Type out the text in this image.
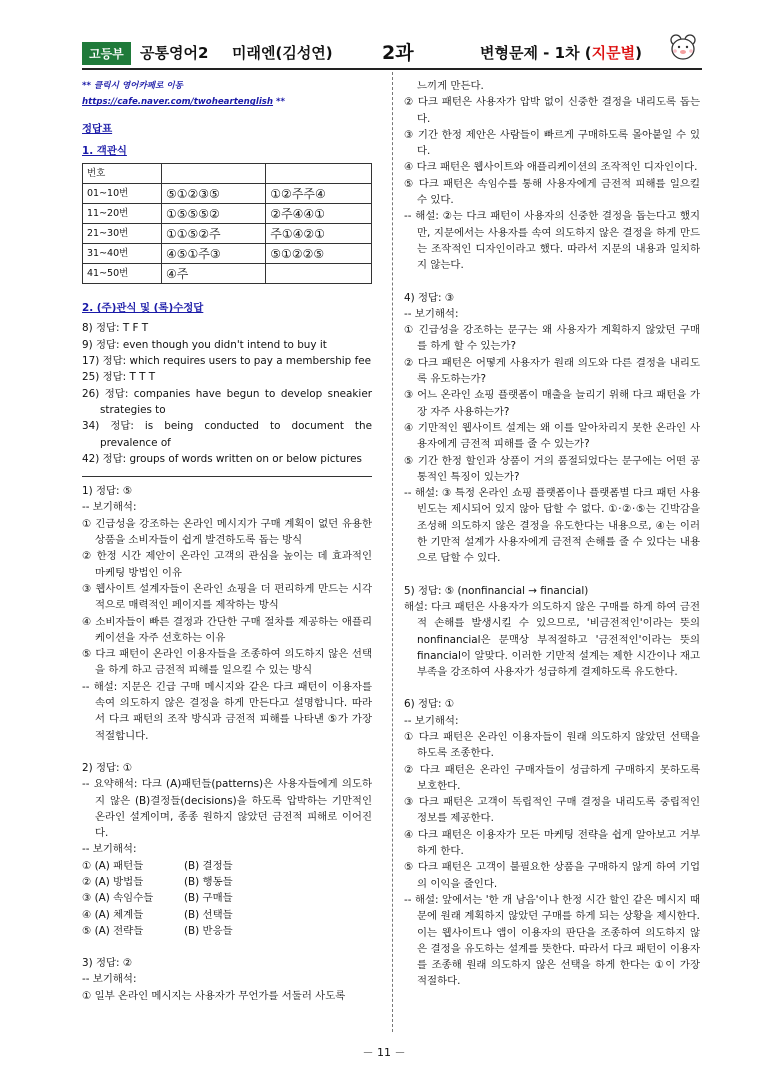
고등부	공통영어2 미래엔(김성연)	2과	변형문제 - 1차 (지문별)

** 클릭시 영어카페로 이동 https://cafe.naver.com/twoheartenglish **

정답표

1. 객관식

번호		
01~10번	⑤①②③⑤	①②주주④
11~20번	①⑤⑤⑤②	②주④④①
21~30번	①①⑤②주	주①④②①
31~40번	④⑤①주③	⑤①②②⑤
41~50번	④주	

2. (주)관식 및 (록)수정답

8) 정답: T F T

9) 정답: even though you didn't intend to buy it

17) 정답: which requires users to pay a membership fee

25) 정답: T T T

26) 정답: companies have begun to develop sneakier strategies to

34) 정답: is being conducted to document the prevalence of

42) 정답: groups of words written on or below pictures

1) 정답: ⑤

-- 보기해석:

① 긴급성을 강조하는 온라인 메시지가 구매 계획이 없던 유용한 상품을 소비자들이 쉽게 발견하도록 돕는 방식

② 한정 시간 제안이 온라인 고객의 관심을 높이는 데 효과적인 마케팅 방법인 이유

③ 웹사이트 설계자들이 온라인 쇼핑을 더 편리하게 만드는 시각적으로 매력적인 페이지를 제작하는 방식

④ 소비자들이 빠른 결정과 간단한 구매 절차를 제공하는 애플리케이션을 자주 선호하는 이유

⑤ 다크 패턴이 온라인 이용자들을 조종하여 의도하지 않은 선택을 하게 하고 금전적 피해를 일으킬 수 있는 방식

-- 해설: 지문은 긴급 구매 메시지와 같은 다크 패턴이 이용자를 속여 의도하지 않은 결정을 하게 만든다고 설명합니다. 따라서 다크 패턴의 조작 방식과 금전적 피해를 나타낸 ⑤가 가장 적절합니다.

2) 정답: ①

-- 요약해석: 다크 (A)패턴들(patterns)은 사용자들에게 의도하지 않은 (B)결정들(decisions)을 하도록 압박하는 기만적인 온라인 설계이며, 종종 원하지 않았던 금전적 피해로 이어진다.

-- 보기해석:

① (A) 패턴들	(B) 결정들
② (A) 방법들	(B) 행동들
③ (A) 속임수들	(B) 구매들
④ (A) 체계들	(B) 선택들
⑤ (A) 전략들	(B) 반응들

3) 정답: ②

-- 보기해석:

① 일부 온라인 메시지는 사용자가 무언가를 서둘러 사도록

느끼게 만든다.

② 다크 패턴은 사용자가 압박 없이 신중한 결정을 내리도록 돕는다.

③ 기간 한정 제안은 사람들이 빠르게 구매하도록 몰아붙일 수 있다.

④ 다크 패턴은 웹사이트와 애플리케이션의 조작적인 디자인이다.

⑤ 다크 패턴은 속임수를 통해 사용자에게 금전적 피해를 일으킬 수 있다.

-- 해설: ②는 다크 패턴이 사용자의 신중한 결정을 돕는다고 했지만, 지문에서는 사용자를 속여 의도하지 않은 결정을 하게 만드는 조작적인 디자인이라고 했다. 따라서 지문의 내용과 일치하지 않는다.

4) 정답: ③

-- 보기해석:

① 긴급성을 강조하는 문구는 왜 사용자가 계획하지 않았던 구매를 하게 할 수 있는가?

② 다크 패턴은 어떻게 사용자가 원래 의도와 다른 결정을 내리도록 유도하는가?

③ 어느 온라인 쇼핑 플랫폼이 매출을 늘리기 위해 다크 패턴을 가장 자주 사용하는가?

④ 기만적인 웹사이트 설계는 왜 이를 알아차리지 못한 온라인 사용자에게 금전적 피해를 줄 수 있는가?

⑤ 기간 한정 할인과 상품이 거의 품절되었다는 문구에는 어떤 공통적인 특징이 있는가?

-- 해설: ③ 특정 온라인 쇼핑 플랫폼이나 플랫폼별 다크 패턴 사용 빈도는 제시되어 있지 않아 답할 수 없다. ①·②·⑤는 긴박감을 조성해 의도하지 않은 결정을 유도한다는 내용으로, ④는 이러한 기만적 설계가 사용자에게 금전적 손해를 줄 수 있다는 내용으로 답할 수 있다.

5) 정답: ⑤ (nonfinancial → financial)

해설: 다크 패턴은 사용자가 의도하지 않은 구매를 하게 하여 금전적 손해를 발생시킬 수 있으므로, '비금전적인'이라는 뜻의 nonfinancial은 문맥상 부적절하고 '금전적인'이라는 뜻의 financial이 알맞다. 이러한 기만적 설계는 제한 시간이나 재고 부족을 강조하여 사용자가 성급하게 결제하도록 유도한다.

6) 정답: ①

-- 보기해석:

① 다크 패턴은 온라인 이용자들이 원래 의도하지 않았던 선택을 하도록 조종한다.

② 다크 패턴은 온라인 구매자들이 성급하게 구매하지 못하도록 보호한다.

③ 다크 패턴은 고객이 독립적인 구매 결정을 내리도록 중립적인 정보를 제공한다.

④ 다크 패턴은 이용자가 모든 마케팅 전략을 쉽게 알아보고 거부하게 한다.

⑤ 다크 패턴은 고객이 불필요한 상품을 구매하지 않게 하여 기업의 이익을 줄인다.

-- 해설: 앞에서는 '한 개 남음'이나 한정 시간 할인 같은 메시지 때문에 원래 계획하지 않았던 구매를 하게 되는 상황을 제시한다. 이는 웹사이트나 앱이 이용자의 판단을 조종하여 의도하지 않은 결정을 유도하는 설계를 뜻한다. 따라서 다크 패턴이 이용자를 조종해 원래 의도하지 않은 선택을 하게 한다는 ①이 가장 적절하다.

－ 11 －
